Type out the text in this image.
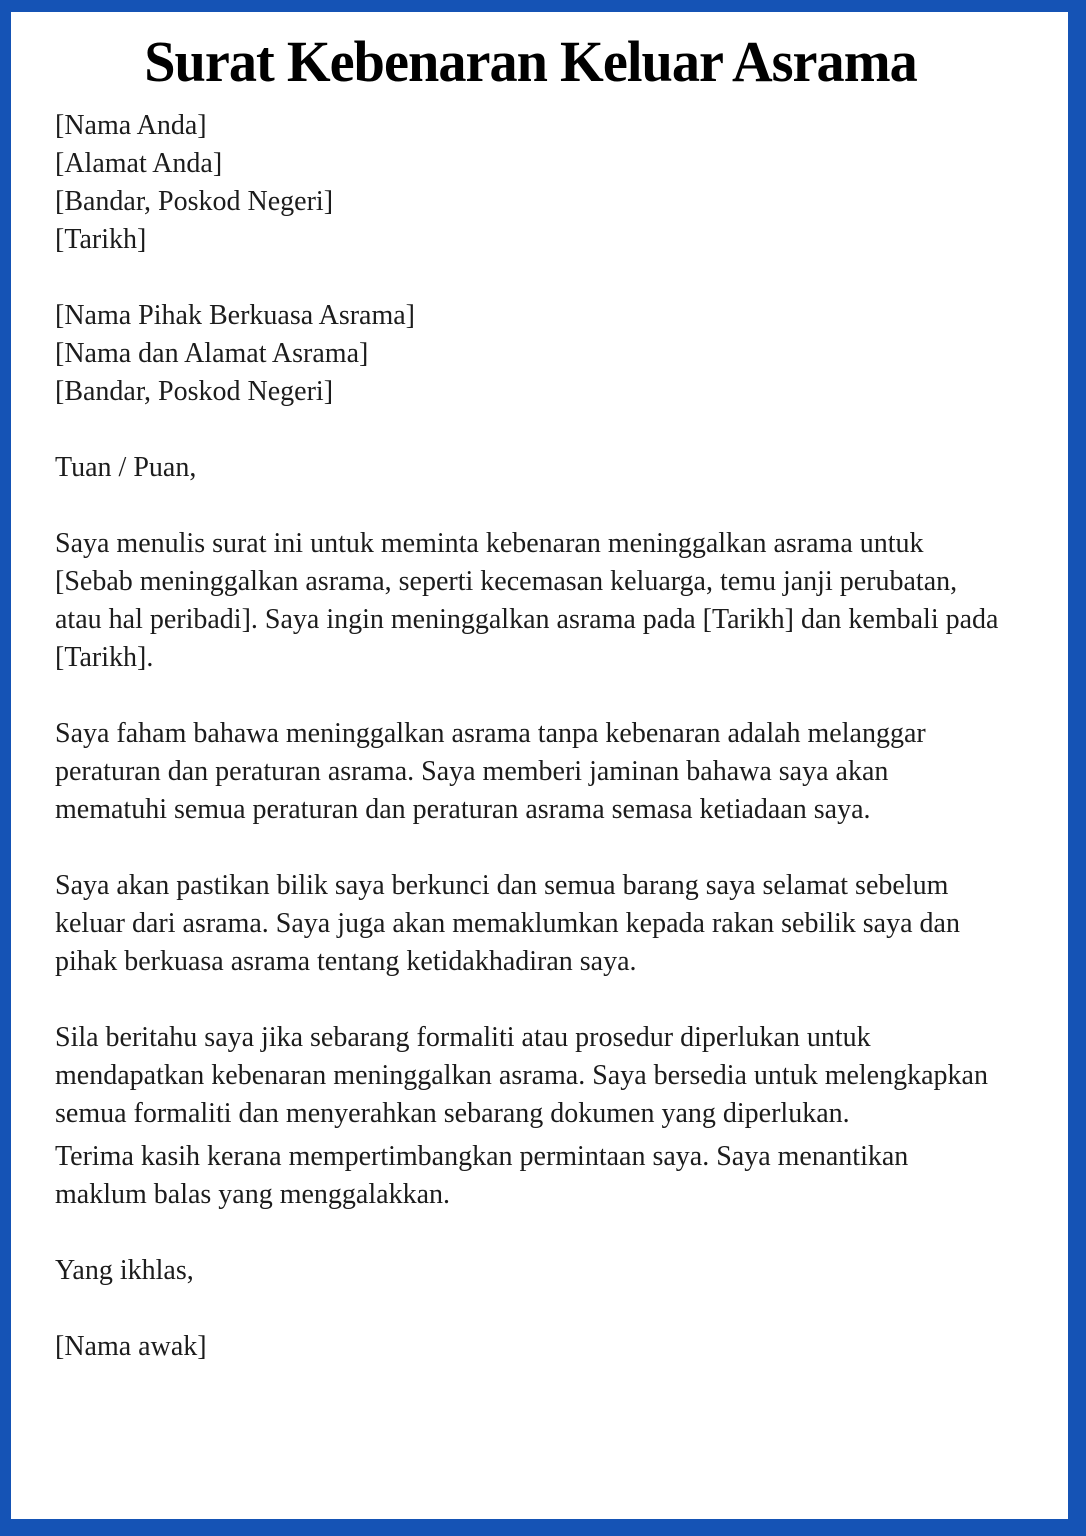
Surat Kebenaran Keluar Asrama
[Nama Anda]
[Alamat Anda]
[Bandar, Poskod Negeri]
[Tarikh]
[Nama Pihak Berkuasa Asrama]
[Nama dan Alamat Asrama]
[Bandar, Poskod Negeri]

Tuan / Puan,

Saya menulis surat ini untuk meminta kebenaran meninggalkan asrama untuk [Sebab meninggalkan asrama, seperti kecemasan keluarga, temu janji perubatan, atau hal peribadi]. Saya ingin meninggalkan asrama pada [Tarikh] dan kembali pada [Tarikh].

Saya faham bahawa meninggalkan asrama tanpa kebenaran adalah melanggar peraturan dan peraturan asrama. Saya memberi jaminan bahawa saya akan mematuhi semua peraturan dan peraturan asrama semasa ketiadaan saya.

Saya akan pastikan bilik saya berkunci dan semua barang saya selamat sebelum keluar dari asrama. Saya juga akan memaklumkan kepada rakan sebilik saya dan pihak berkuasa asrama tentang ketidakhadiran saya.

Sila beritahu saya jika sebarang formaliti atau prosedur diperlukan untuk mendapatkan kebenaran meninggalkan asrama. Saya bersedia untuk melengkapkan semua formaliti dan menyerahkan sebarang dokumen yang diperlukan.

Terima kasih kerana mempertimbangkan permintaan saya. Saya menantikan maklum balas yang menggalakkan.

Yang ikhlas,

[Nama awak]
